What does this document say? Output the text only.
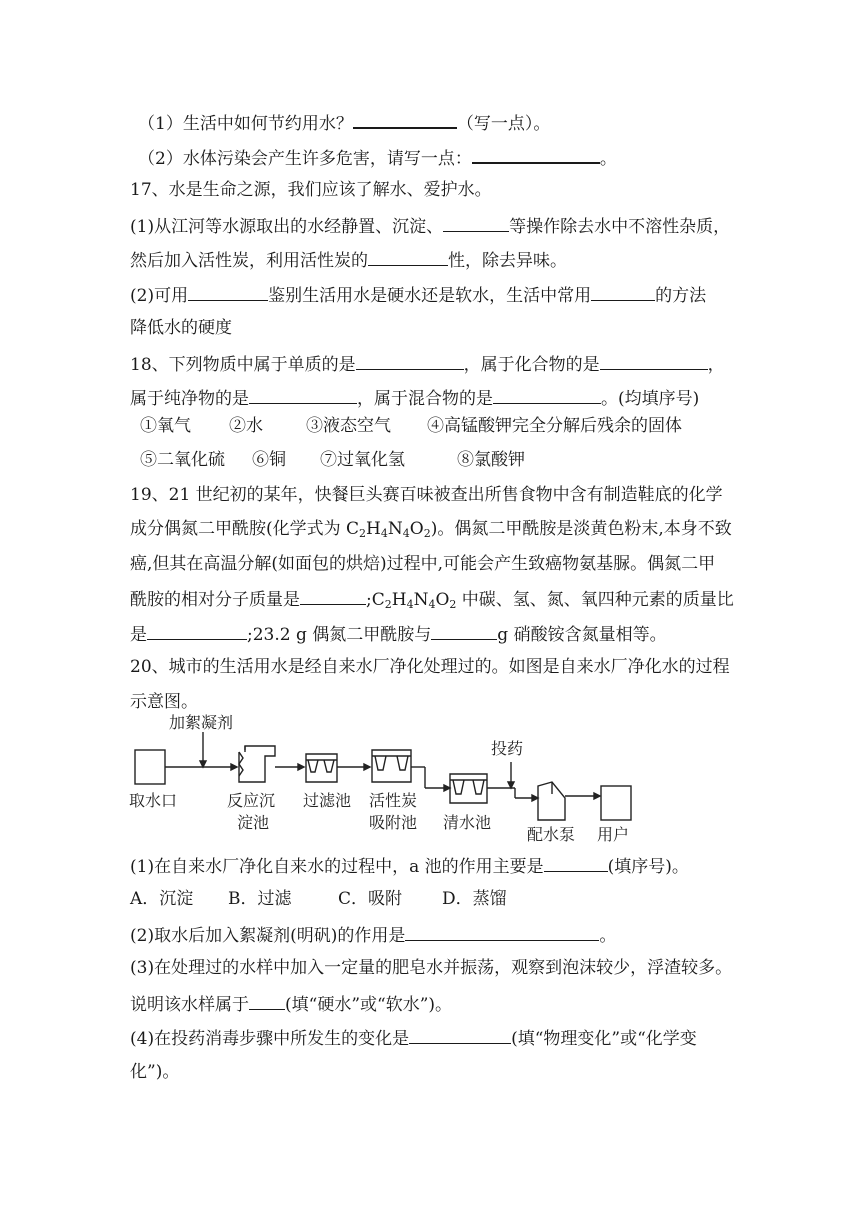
（1）生活中如何节约用水？	（写一点）。
（2）水体污染会产生许多危害，请写一点：	。
17、水是生命之源，我们应该了解水、爱护水。
(1)从江河等水源取出的水经静置、沉淀、	等操作除去水中不溶性杂质，
然后加入活性炭，利用活性炭的	性，除去异味。
(2)可用	鉴别生活用水是硬水还是软水，生活中常用	的方法
降低水的硬度
18、下列物质中属于单质的是	，属于化合物的是	，
属于纯净物的是	，属于混合物的是	。(均填序号)
①氧气 ②水	③液态空气 ④高锰酸钾完全分解后残余的固体
⑤二氧化硫 ⑥铜 ⑦过氧化氢	⑧氯酸钾
19、21 世纪初的某年，快餐巨头赛百味被查出所售食物中含有制造鞋底的化学
成分偶氮二甲酰胺(化学式为 $C_2H_4N_4O_2$)。偶氮二甲酰胺是淡黄色粉末,本身不致
癌,但其在高温分解(如面包的烘焙)过程中,可能会产生致癌物氨基脲。偶氮二甲
酰胺的相对分子质量是	$;C_2H_4N_4O_2$ 中碳、氢、氮、氧四种元素的质量比
是	;23.2 g 偶氮二甲酰胺与	g 硝酸铵含氮量相等。
20、城市的生活用水是经自来水厂净化处理过的。如图是自来水厂净化水的过程
示意图。
加絮凝剂
投药
取水口	反应沉
淀池
过滤池 活性炭
吸附池 清水池
配水泵 用户
(1)在自来水厂净化自来水的过程中，a 池的作用主要是	(填序号)。
A．沉淀 B．过滤	C．吸附 D．蒸馏
(2)取水后加入絮凝剂(明矾)的作用是	。
(3)在处理过的水样中加入一定量的肥皂水并振荡，观察到泡沫较少，浮渣较多。
说明该水样属于 (填“硬水”或“软水”)。
(4)在投药消毒步骤中所发生的变化是	(填“物理变化”或“化学变
化”)。
